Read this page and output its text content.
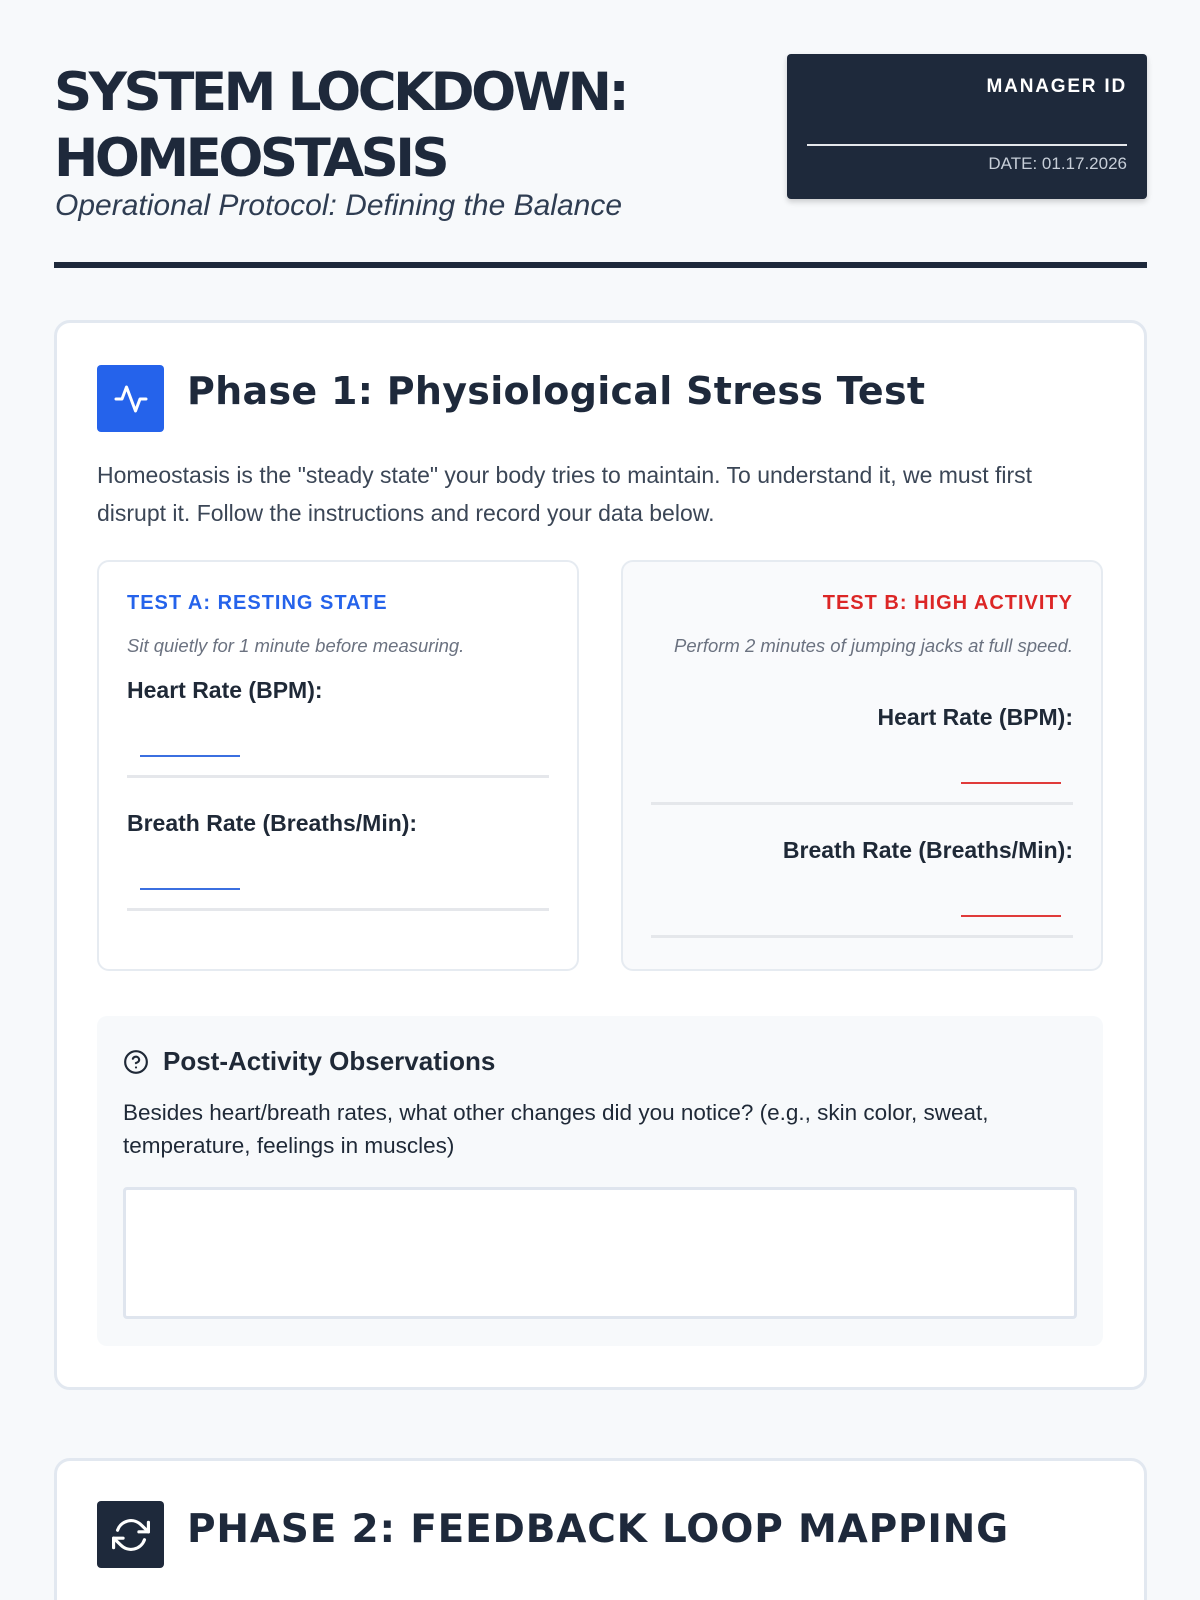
SYSTEM LOCKDOWN:
HOMEOSTASIS
Operational Protocol: Defining the Balance
MANAGER ID
DATE: 01.17.2026
Phase 1: Physiological Stress Test
Homeostasis is the "steady state" your body tries to maintain. To understand it, we must first disrupt it. Follow the instructions and record your data below.
TEST A: RESTING STATE
Sit quietly for 1 minute before measuring.
Heart Rate (BPM):
Breath Rate (Breaths/Min):
TEST B: HIGH ACTIVITY
Perform 2 minutes of jumping jacks at full speed.
Heart Rate (BPM):
Breath Rate (Breaths/Min):
Post-Activity Observations
Besides heart/breath rates, what other changes did you notice? (e.g., skin color, sweat, temperature, feelings in muscles)
PHASE 2: FEEDBACK LOOP MAPPING
